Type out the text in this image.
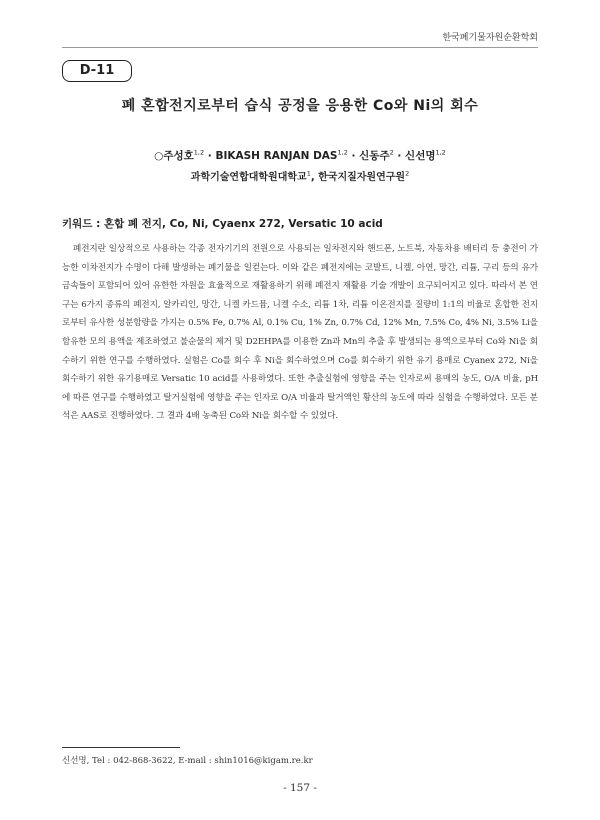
한국폐기물자원순환학회
D-11
폐 혼합전지로부터 습식 공정을 응용한 Co와 Ni의 회수
○주성호$^{1,2}$ · BIKASH RANJAN DAS$^{1,2}$ · 신동주$^2$ · 신선명$^{1,2}$
과학기술연합대학원대학교$^1$, 한국지질자원연구원$^2$
키워드 : 혼합 폐 전지, Co, Ni, Cyaenx 272, Versatic 10 acid

폐전지란 일상적으로 사용하는 각종 전자기기의 전원으로 사용되는 일차전지와 핸드폰, 노트북, 자동차용 배터리 등 충전이 가능한 이차전지가 수명이 다해 발생하는 폐기물을 일컫는다. 이와 같은 폐전지에는 코발트, 니켈, 아연, 망간, 리튬, 구리 등의 유가금속들이 포함되어 있어 유한한 자원을 효율적으로 재활용하기 위해 폐전지 재활용 기술 개발이 요구되어지고 있다. 따라서 본 연구는 6가지 종류의 폐전지, 알카리인, 망간, 니켈 카드뮴, 니켈 수소, 리튬 1차, 리튬 이온전지를 질량비 1:1의 비율로 혼합한 전지로부터 유사한 성분함량을 가지는 0.5% Fe, 0.7% Al, 0.1% Cu, 1% Zn, 0.7% Cd, 12% Mn, 7.5% Co, 4% Ni, 3.5% Li을 함유한 모의 용액을 제조하였고 불순물의 제거 및 D2EHPA를 이용한 Zn과 Mn의 추출 후 발생되는 용액으로부터 Co와 Ni을 회수하기 위한 연구를 수행하였다. 실험은 Co를 회수 후 Ni을 회수하였으며 Co를 회수하기 위한 유기 용매로 Cyanex 272, Ni을 회수하기 위한 유기용매로 Versatic 10 acid를 사용하였다. 또한 추출실험에 영향을 주는 인자로써 용매의 농도, O/A 비율, pH에 따른 연구를 수행하였고 탈거실험에 영향을 주는 인자로 O/A 비율과 탈거액인 황산의 농도에 따라 실험을 수행하였다. 모든 분석은 AAS로 진행하였다. 그 결과 4배 농축된 Co와 Ni을 회수할 수 있었다.

신선명, Tel : 042-868-3622, E-mail : shin1016@kigam.re.kr
- 157 -
